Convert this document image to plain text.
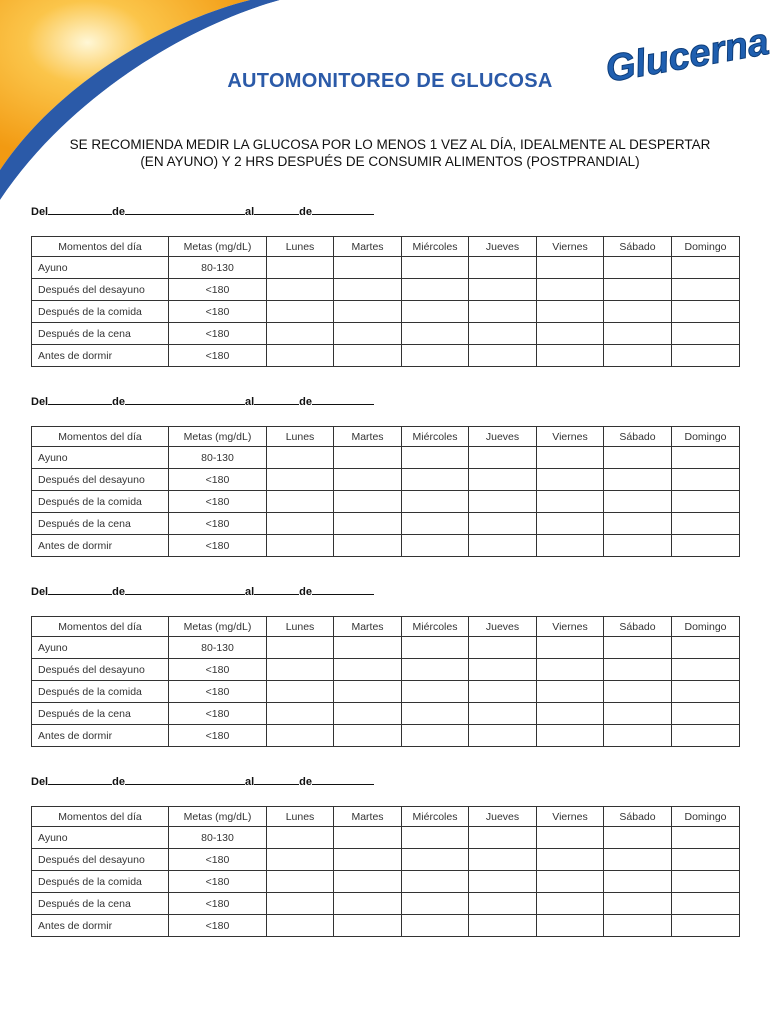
Glucerna
AUTOMONITOREO DE GLUCOSA
SE RECOMIENDA MEDIR LA GLUCOSA POR LO MENOS 1 VEZ AL DÍA, IDEALMENTE AL DESPERTAR
(EN AYUNO) Y 2 HRS DESPUÉS DE CONSUMIR ALIMENTOS (POSTPRANDIAL)
Del	de	al	de
Momentos del día	Metas (mg/dL)	Lunes	Martes	Miércoles	Jueves	Viernes	Sábado	Domingo
Ayuno	80-130							
Después del desayuno	<180							
Después de la comida	<180							
Después de la cena	<180							
Antes de dormir	<180							
Del	de	al	de
Momentos del día	Metas (mg/dL)	Lunes	Martes	Miércoles	Jueves	Viernes	Sábado	Domingo
Ayuno	80-130							
Después del desayuno	<180							
Después de la comida	<180							
Después de la cena	<180							
Antes de dormir	<180							
Del	de	al	de
Momentos del día	Metas (mg/dL)	Lunes	Martes	Miércoles	Jueves	Viernes	Sábado	Domingo
Ayuno	80-130							
Después del desayuno	<180							
Después de la comida	<180							
Después de la cena	<180							
Antes de dormir	<180							
Del	de	al	de
Momentos del día	Metas (mg/dL)	Lunes	Martes	Miércoles	Jueves	Viernes	Sábado	Domingo
Ayuno	80-130							
Después del desayuno	<180							
Después de la comida	<180							
Después de la cena	<180							
Antes de dormir	<180							
